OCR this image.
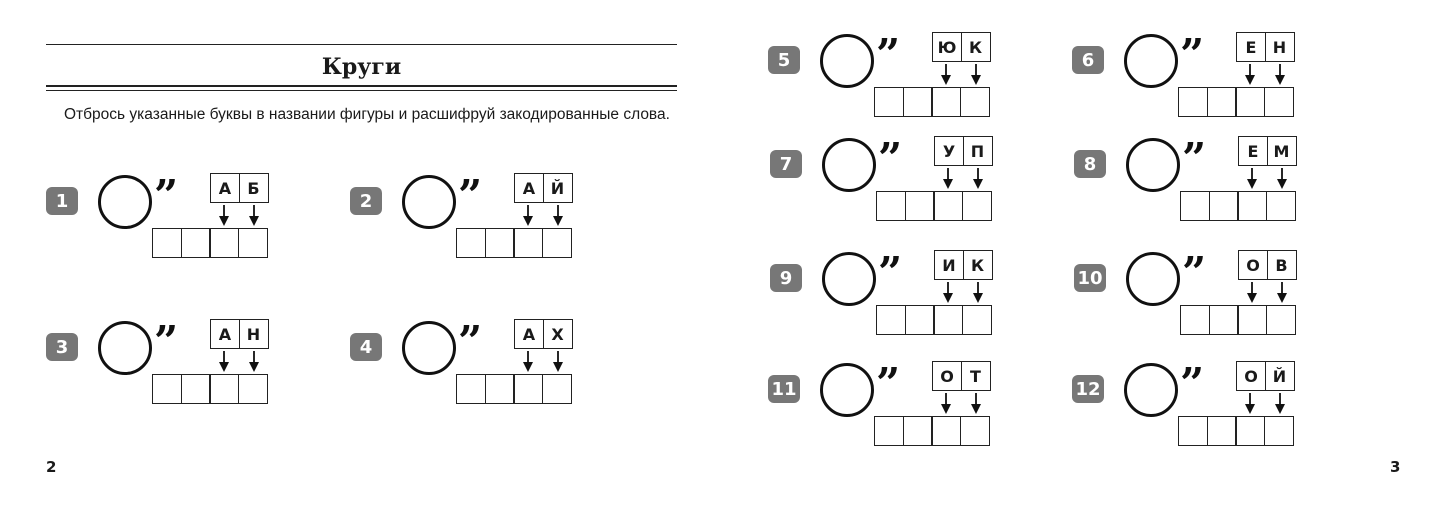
Круги
Отбрось указанные буквы в названии фигуры и расшифруй закодированные слова.
2	3
1 ”	А	Б
2 ”	А Й
3 ”	А Н
4 ”	А	Х
5 ”	Ю К
6 ”	Е	Н
7 ”	У П
8 ”	Е М
9 ”	И К
10 ”	О В
11 ”	О	Т
12 ”	О Й
